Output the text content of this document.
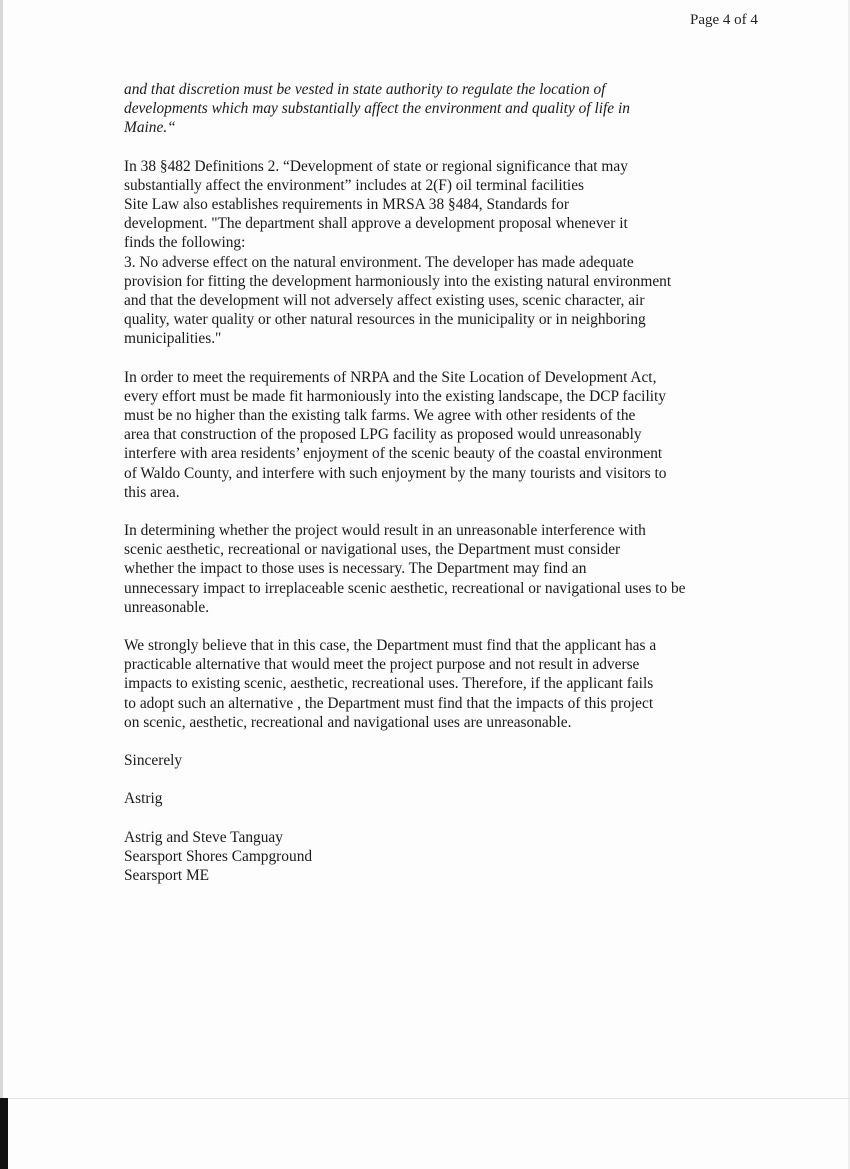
Page 4 of 4
and that discretion must be vested in state authority to regulate the location of
developments which may substantially affect the environment and quality of life in
Maine.“
In 38 §482 Definitions 2. “Development of state or regional significance that may
substantially affect the environment” includes at 2(F) oil terminal facilities
Site Law also establishes requirements in MRSA 38 §484, Standards for
development. "The department shall approve a development proposal whenever it
finds the following:
3. No adverse effect on the natural environment. The developer has made adequate
provision for fitting the development harmoniously into the existing natural environment
and that the development will not adversely affect existing uses, scenic character, air
quality, water quality or other natural resources in the municipality or in neighboring
municipalities."
In order to meet the requirements of NRPA and the Site Location of Development Act,
every effort must be made fit harmoniously into the existing landscape, the DCP facility
must be no higher than the existing talk farms. We agree with other residents of the
area that construction of the proposed LPG facility as proposed would unreasonably
interfere with area residents’ enjoyment of the scenic beauty of the coastal environment
of Waldo County, and interfere with such enjoyment by the many tourists and visitors to
this area.
In determining whether the project would result in an unreasonable interference with
scenic aesthetic, recreational or navigational uses, the Department must consider
whether the impact to those uses is necessary. The Department may find an
unnecessary impact to irreplaceable scenic aesthetic, recreational or navigational uses to be
unreasonable.
We strongly believe that in this case, the Department must find that the applicant has a
practicable alternative that would meet the project purpose and not result in adverse
impacts to existing scenic, aesthetic, recreational uses. Therefore, if the applicant fails
to adopt such an alternative , the Department must find that the impacts of this project
on scenic, aesthetic, recreational and navigational uses are unreasonable.
Sincerely
Astrig
Astrig and Steve Tanguay
Searsport Shores Campground
Searsport ME
